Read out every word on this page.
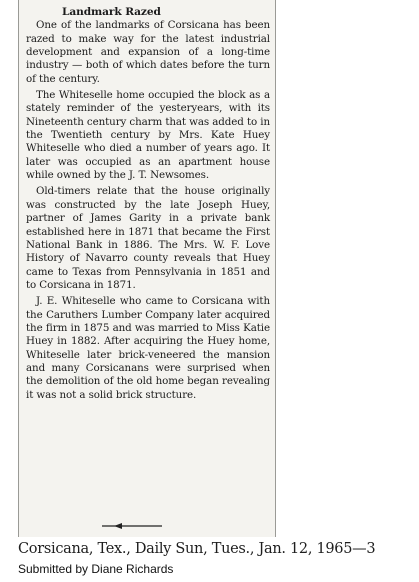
Landmark Razed

One of the landmarks of Corsicana has been razed to make way for the latest industrial development and expansion of a long-time industry — both of which dates before the turn of the century.

The Whiteselle home occupied the block as a stately reminder of the yesteryears, with its Nineteenth century charm that was added to in the Twentieth century by Mrs. Kate Huey Whiteselle who died a number of years ago. It later was occupied as an apartment house while owned by the J. T. Newsomes.

Old-timers relate that the house originally was constructed by the late Joseph Huey, partner of James Garity in a private bank established here in 1871 that became the First National Bank in 1886. The Mrs. W. F. Love History of Navarro county reveals that Huey came to Texas from Pennsylvania in 1851 and to Corsicana in 1871.

J. E. Whiteselle who came to Corsicana with the Caruthers Lumber Company later acquired the firm in 1875 and was married to Miss Katie Huey in 1882. After acquiring the Huey home, Whiteselle later brick-veneered the mansion and many Corsicanans were surprised when the demolition of the old home began revealing it was not a solid brick structure.

Corsicana, Tex., Daily Sun, Tues., Jan. 12, 1965—3
Submitted by Diane Richards
